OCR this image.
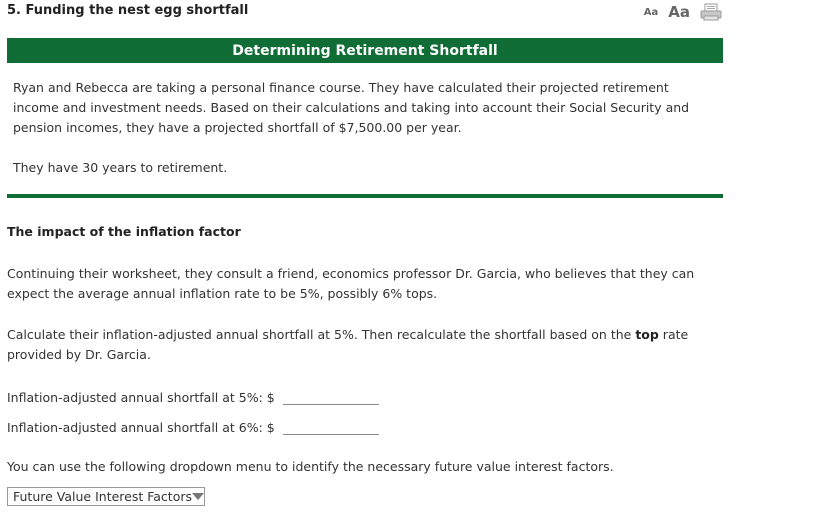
5. Funding the nest egg shortfall	Aa Aa
Determining Retirement Shortfall

Ryan and Rebecca are taking a personal finance course. They have calculated their projected retirement income and investment needs. Based on their calculations and taking into account their Social Security and pension incomes, they have a projected shortfall of $7,500.00 per year.

They have 30 years to retirement.

The impact of the inflation factor

Continuing their worksheet, they consult a friend, economics professor Dr. Garcia, who believes that they can expect the average annual inflation rate to be 5%, possibly 6% tops.

Calculate their inflation-adjusted annual shortfall at 5%. Then recalculate the shortfall based on the top rate provided by Dr. Garcia.

Inflation-adjusted annual shortfall at 5%: $
Inflation-adjusted annual shortfall at 6%: $

You can use the following dropdown menu to identify the necessary future value interest factors.

Future Value Interest Factors
